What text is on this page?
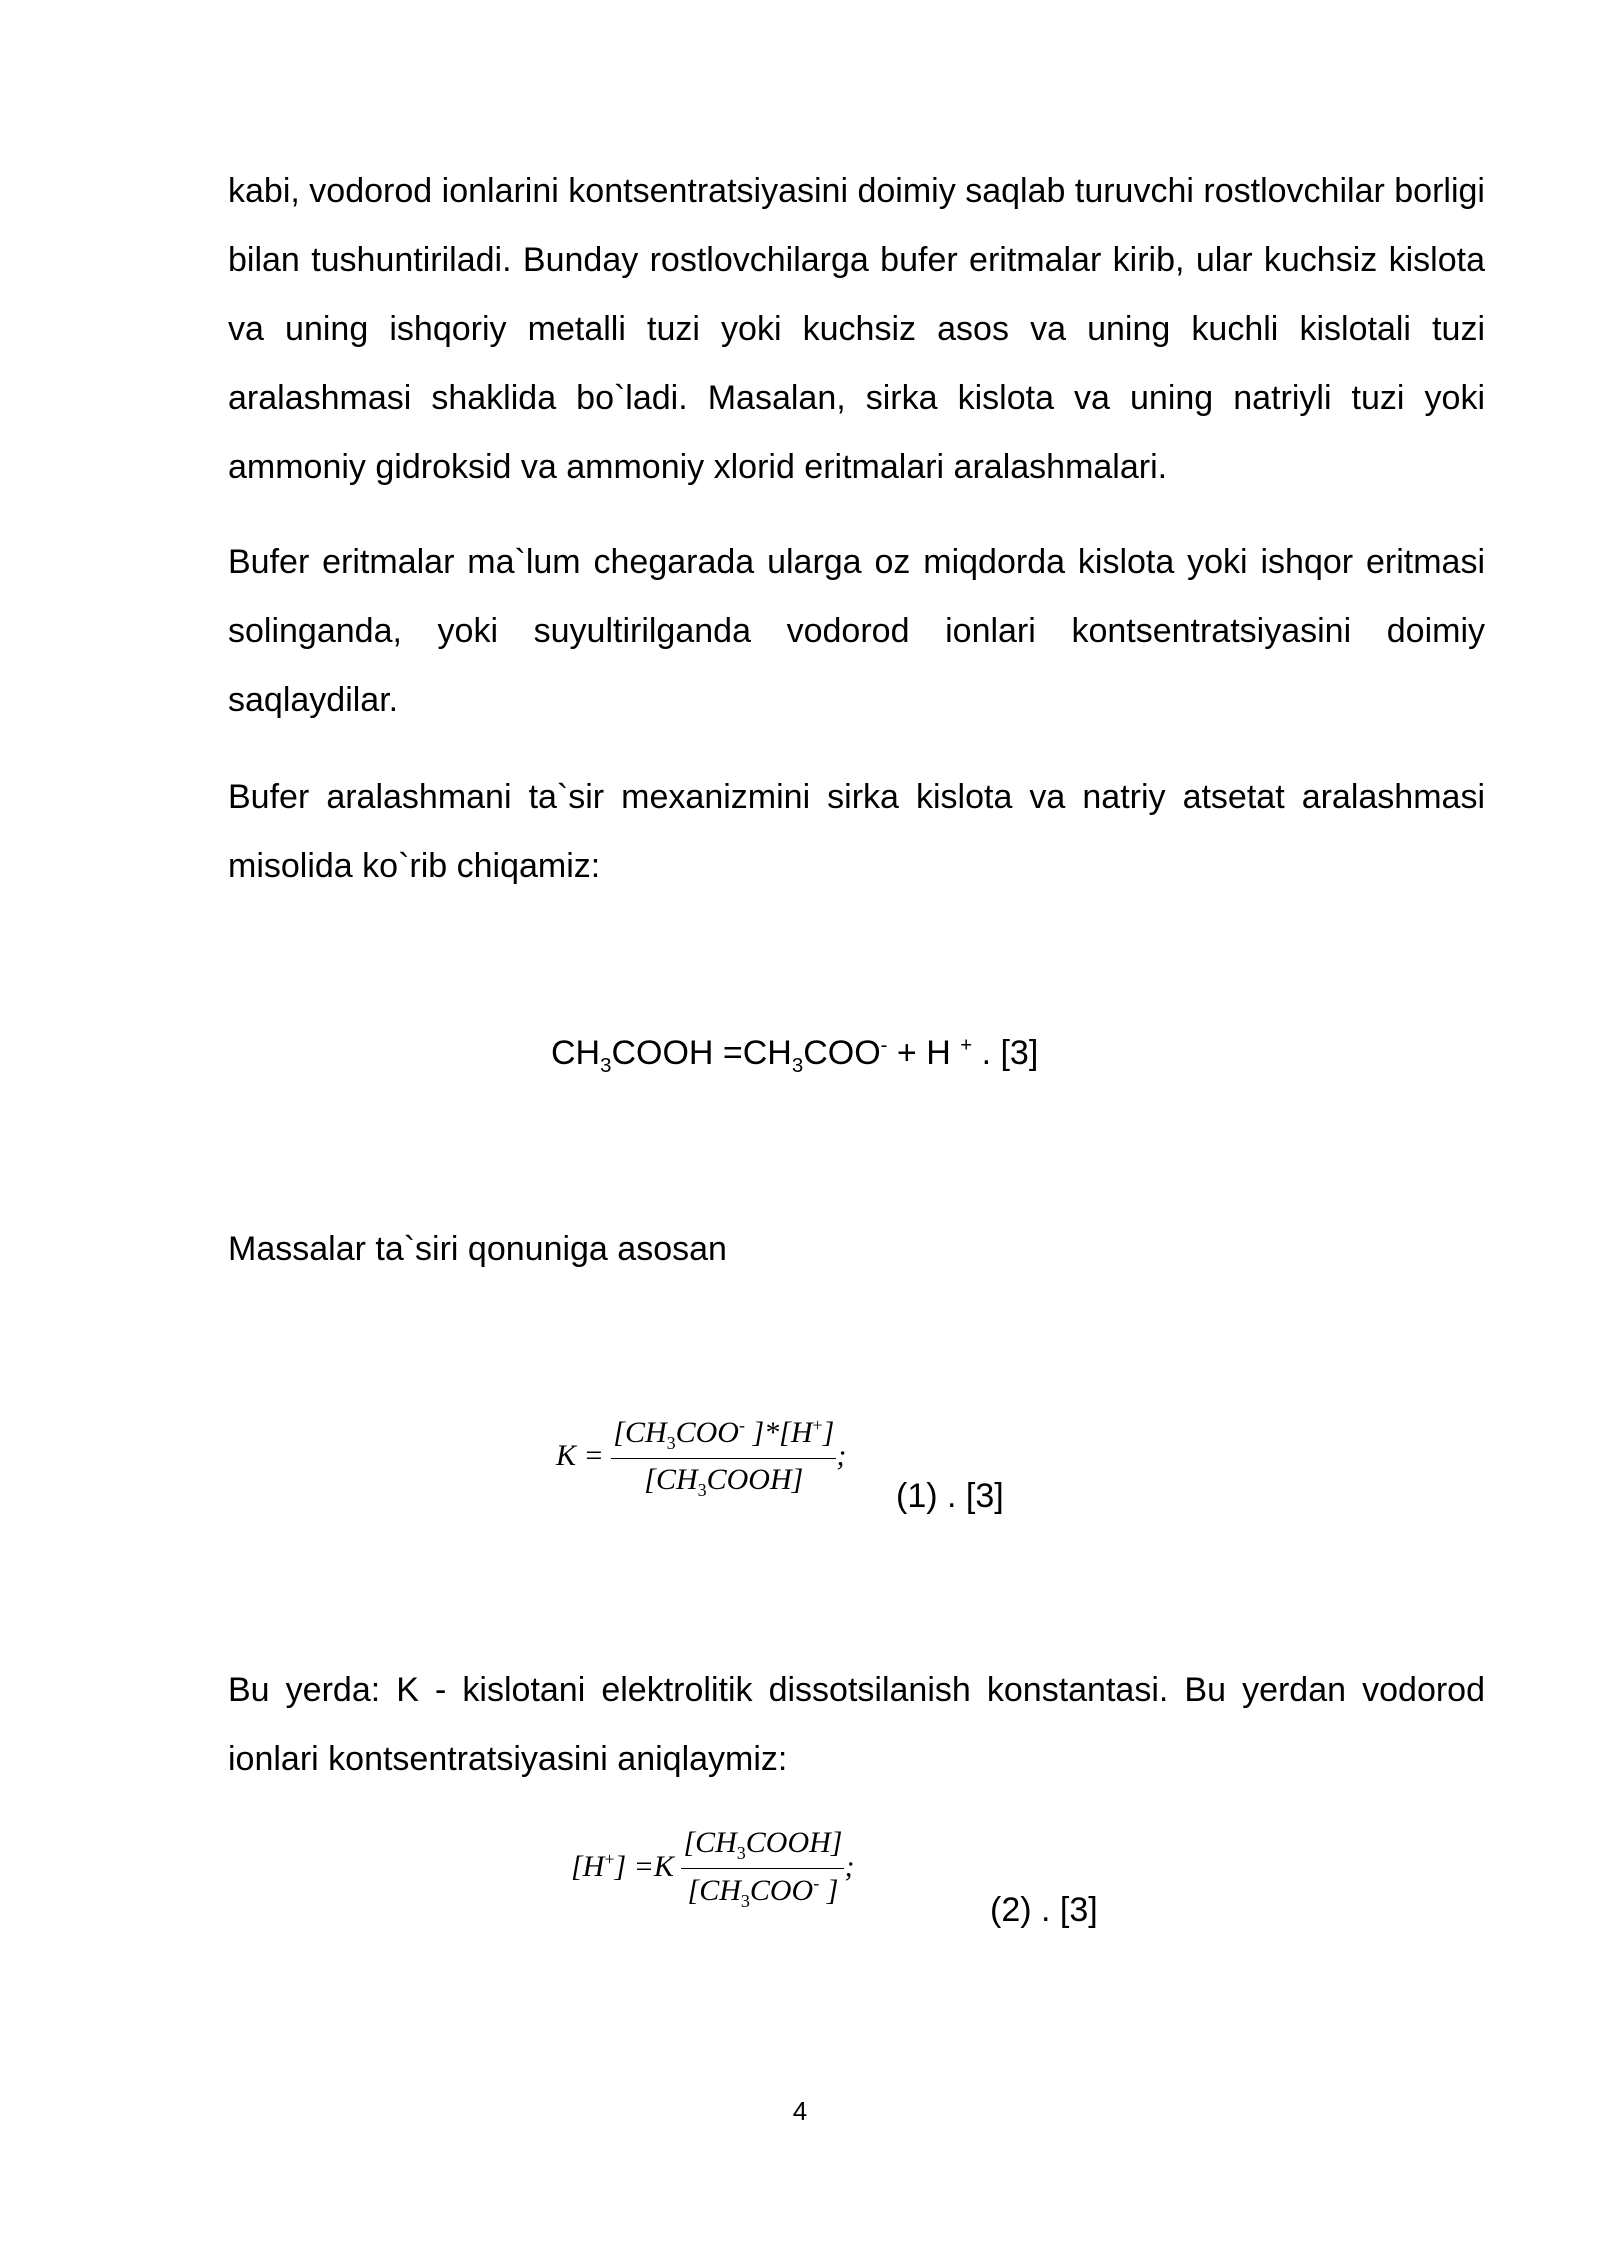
kabi, vodorod ionlarini kontsentratsiyasini doimiy saqlab turuvchi rostlovchilar borligi bilan tushuntiriladi. Bunday rostlovchilarga bufer eritmalar kirib, ular kuchsiz kislota va uning ishqoriy metalli tuzi yoki kuchsiz asos va uning kuchli kislotali tuzi aralashmasi shaklida bo`ladi. Masalan, sirka kislota va uning natriyli tuzi yoki ammoniy gidroksid va ammoniy xlorid eritmalari aralashmalari.

Bufer eritmalar ma`lum chegarada ularga oz miqdorda kislota yoki ishqor eritmasi solinganda, yoki suyultirilganda vodorod ionlari kontsentratsiyasini doimiy saqlaydilar.

Bufer aralashmani ta`sir mexanizmini sirka kislota va natriy atsetat aralashmasi misolida ko`rib chiqamiz:

$CH_3COOH =CH_3COO^- + H$ + . [3]

Massalar ta`siri qonuniga asosan

$K = \frac{[CH_3COO^- ]*[H^+]}{[CH_3COOH]}$ ;
(1) . [3]

Bu yerda: K - kislotani elektrolitik dissotsilanish konstantasi. Bu yerdan vodorod ionlari kontsentratsiyasini aniqlaymiz:

$[H^+] =K \frac{[CH_3COOH]}{[CH_3COO^- ]}$ ;
(2) . [3]
4
